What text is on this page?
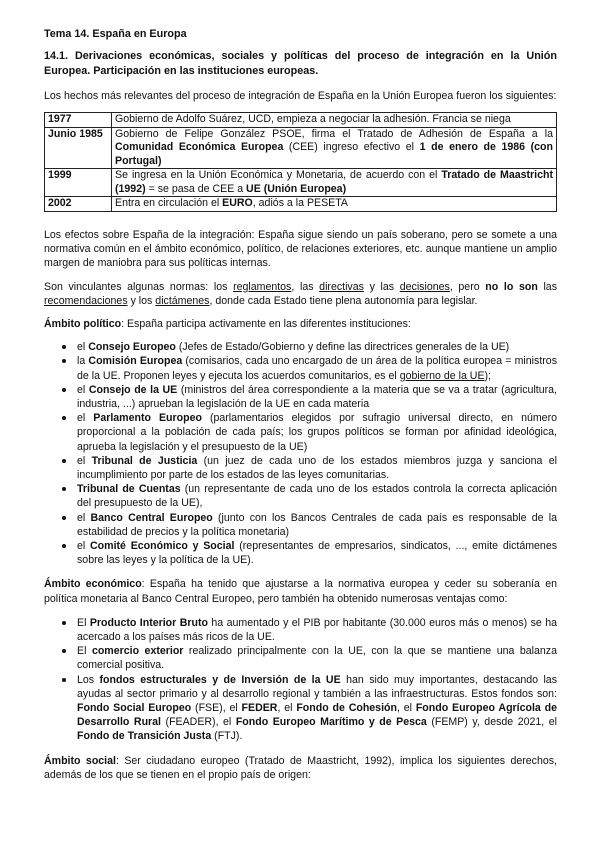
Tema 14. España en Europa
14.1. Derivaciones económicas, sociales y políticas del proceso de integración en la Unión Europea. Participación en las instituciones europeas.

Los hechos más relevantes del proceso de integración de España en la Unión Europea fueron los siguientes:

1977	Gobierno de Adolfo Suárez, UCD, empieza a negociar la adhesión. Francia se niega
Junio 1985	Gobierno de Felipe González PSOE, firma el Tratado de Adhesión de España a la Comunidad Económica Europea (CEE) ingreso efectivo el 1 de enero de 1986 (con Portugal)
1999	Se ingresa en la Unión Económica y Monetaria, de acuerdo con el Tratado de Maastricht (1992) = se pasa de CEE a UE (Unión Europea)
2002	Entra en circulación el EURO, adiós a la PESETA

Los efectos sobre España de la integración: España sigue siendo un país soberano, pero se somete a una normativa común en el ámbito económico, político, de relaciones exteriores, etc. aunque mantiene un amplio margen de maniobra para sus políticas internas.

Son vinculantes algunas normas: los reglamentos, las directivas y las decisiones, pero no lo son las recomendaciones y los dictámenes, donde cada Estado tiene plena autonomía para legislar.

Ámbito político: España participa activamente en las diferentes instituciones:

el Consejo Europeo (Jefes de Estado/Gobierno y define las directrices generales de la UE)
la Comisión Europea (comisarios, cada uno encargado de un área de la política europea = ministros de la UE. Proponen leyes y ejecuta los acuerdos comunitarios, es el gobierno de la UE);
el Consejo de la UE (ministros del área correspondiente a la materia que se va a tratar (agricultura, industria, ...) aprueban la legislación de la UE en cada materia
el Parlamento Europeo (parlamentarios elegidos por sufragio universal directo, en número proporcional a la población de cada país; los grupos políticos se forman por afinidad ideológica, aprueba la legislación y el presupuesto de la UE)
el Tribunal de Justicia (un juez de cada uno de los estados miembros juzga y sanciona el incumplimiento por parte de los estados de las leyes comunitarias.
Tribunal de Cuentas (un representante de cada uno de los estados controla la correcta aplicación del presupuesto de la UE),
el Banco Central Europeo (junto con los Bancos Centrales de cada país es responsable de la estabilidad de precios y la política monetaria)
el Comité Económico y Social (representantes de empresarios, sindicatos, ..., emite dictámenes sobre las leyes y la política de la UE).

Ámbito económico: España ha tenido que ajustarse a la normativa europea y ceder su soberanía en política monetaria al Banco Central Europeo, pero también ha obtenido numerosas ventajas como:

El Producto Interior Bruto ha aumentado y el PIB por habitante (30.000 euros más o menos) se ha acercado a los países más ricos de la UE.
El comercio exterior realizado principalmente con la UE, con la que se mantiene una balanza comercial positiva.
Los fondos estructurales y de Inversión de la UE han sido muy importantes, destacando las ayudas al sector primario y al desarrollo regional y también a las infraestructuras. Estos fondos son: Fondo Social Europeo (FSE), el FEDER, el Fondo de Cohesión, el Fondo Europeo Agrícola de Desarrollo Rural (FEADER), el Fondo Europeo Marítimo y de Pesca (FEMP) y, desde 2021, el Fondo de Transición Justa (FTJ).

Ámbito social: Ser ciudadano europeo (Tratado de Maastricht, 1992), implica los siguientes derechos, además de los que se tienen en el propio país de origen:
